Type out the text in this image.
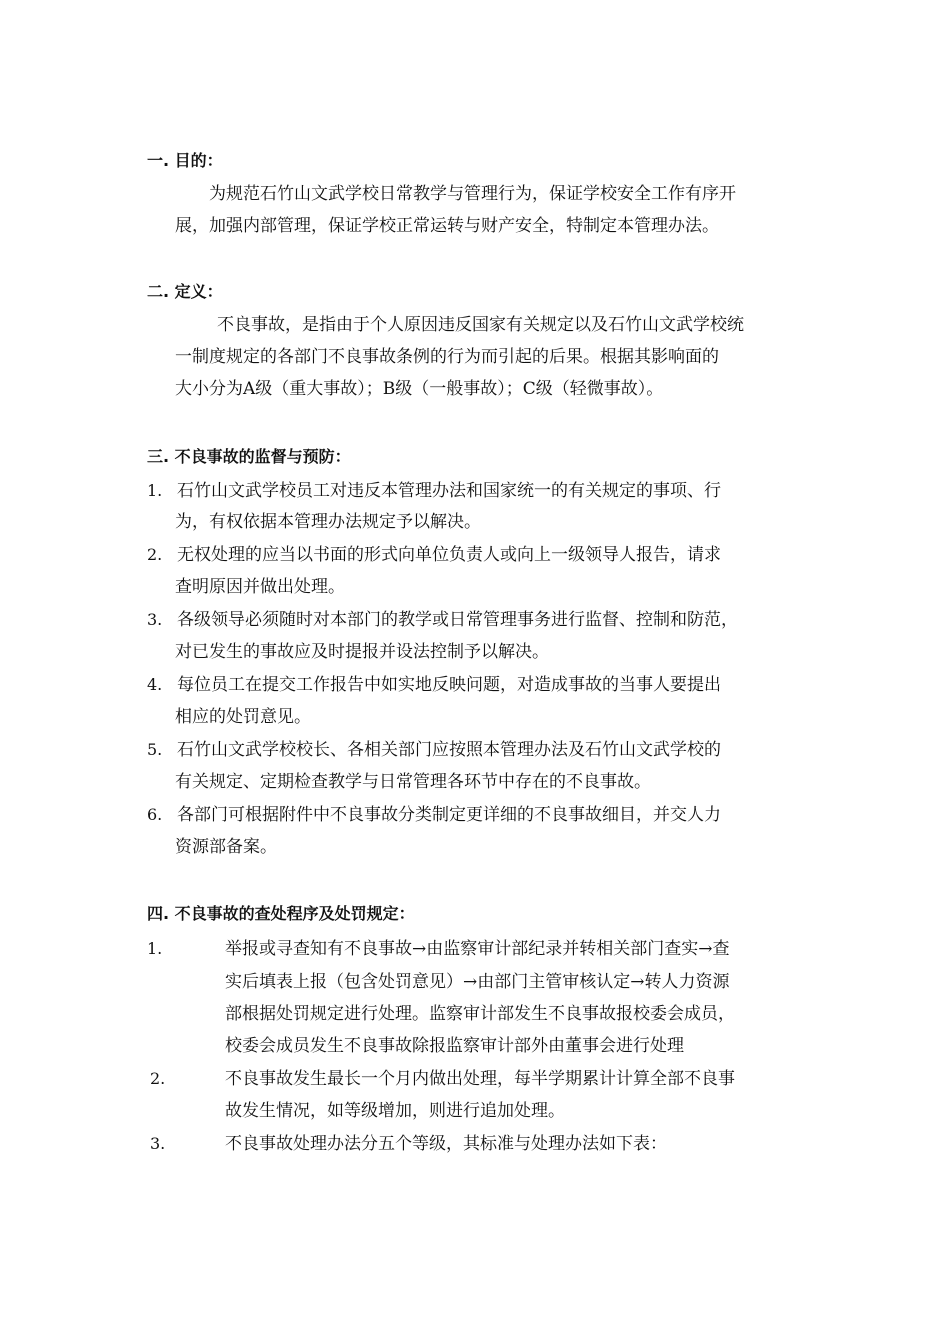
一. 目的：
为规范石竹山文武学校日常教学与管理行为，保证学校安全工作有序开
展，加强内部管理，保证学校正常运转与财产安全，特制定本管理办法。
二. 定义：
不良事故，是指由于个人原因违反国家有关规定以及石竹山文武学校统
一制度规定的各部门不良事故条例的行为而引起的后果。根据其影响面的
大小分为A级（重大事故）；B级（一般事故）；C级（轻微事故）。
三. 不良事故的监督与预防：
1. 石竹山文武学校员工对违反本管理办法和国家统一的有关规定的事项、行
为，有权依据本管理办法规定予以解决。
2. 无权处理的应当以书面的形式向单位负责人或向上一级领导人报告，请求
查明原因并做出处理。
3. 各级领导必须随时对本部门的教学或日常管理事务进行监督、控制和防范，
对已发生的事故应及时提报并设法控制予以解决。
4. 每位员工在提交工作报告中如实地反映问题，对造成事故的当事人要提出
相应的处罚意见。
5. 石竹山文武学校校长、各相关部门应按照本管理办法及石竹山文武学校的
有关规定、定期检查教学与日常管理各环节中存在的不良事故。
6. 各部门可根据附件中不良事故分类制定更详细的不良事故细目，并交人力
资源部备案。
四. 不良事故的查处程序及处罚规定：
1.	举报或寻查知有不良事故→由监察审计部纪录并转相关部门查实→查
实后填表上报（包含处罚意见）→由部门主管审核认定→转人力资源
部根据处罚规定进行处理。监察审计部发生不良事故报校委会成员，
校委会成员发生不良事故除报监察审计部外由董事会进行处理
2.	不良事故发生最长一个月内做出处理，每半学期累计计算全部不良事
故发生情况，如等级增加，则进行追加处理。
3.	不良事故处理办法分五个等级，其标准与处理办法如下表：
